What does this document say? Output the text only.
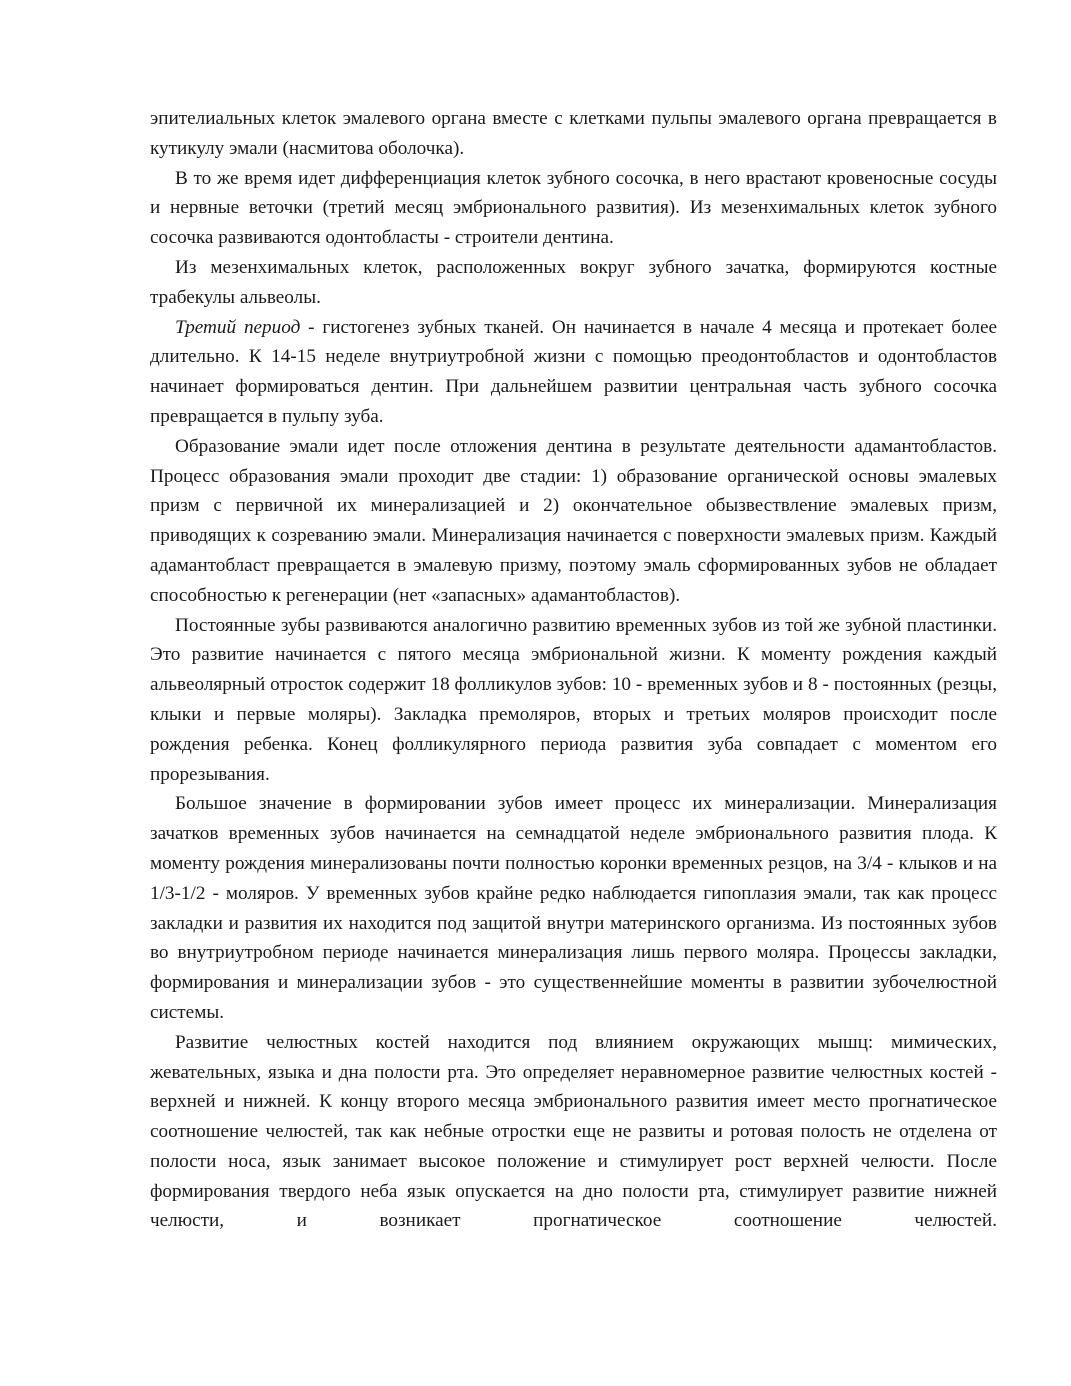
эпителиальных клеток эмалевого органа вместе с клетками пульпы эмалевого органа превращается в кутикулу эмали (насмитова оболочка).

В то же время идет дифференциация клеток зубного сосочка, в него врастают кровеносные сосуды и нервные веточки (третий месяц эмбрионального развития). Из мезенхимальных клеток зубного сосочка развиваются одонтобласты - строители дентина.

Из мезенхимальных клеток, расположенных вокруг зубного зачатка, формируются костные трабекулы альвеолы.

Третий период - гистогенез зубных тканей. Он начинается в начале 4 месяца и протекает более длительно. К 14-15 неделе внутриутробной жизни с помощью преодонтобластов и одонтобластов начинает формироваться дентин. При дальнейшем развитии центральная часть зубного сосочка превращается в пульпу зуба.

Образование эмали идет после отложения дентина в результате деятельности адамантобластов. Процесс образования эмали проходит две стадии: 1) образование органической основы эмалевых призм с первичной их минерализацией и 2) окончательное обызвествление эмалевых призм, приводящих к созреванию эмали. Минерализация начинается с поверхности эмалевых призм. Каждый адамантобласт превращается в эмалевую призму, поэтому эмаль сформированных зубов не обладает способностью к регенерации (нет «запасных» адамантобластов).

Постоянные зубы развиваются аналогично развитию временных зубов из той же зубной пластинки. Это развитие начинается с пятого месяца эмбриональной жизни. К моменту рождения каждый альвеолярный отросток содержит 18 фолликулов зубов: 10 - временных зубов и 8 - постоянных (резцы, клыки и первые моляры). Закладка премоляров, вторых и третьих моляров происходит после рождения ребенка. Конец фолликулярного периода развития зуба совпадает с моментом его прорезывания.

Большое значение в формировании зубов имеет процесс их минерализации. Минерализация зачатков временных зубов начинается на семнадцатой неделе эмбрионального развития плода. К моменту рождения минерализованы почти полностью коронки временных резцов, на 3/4 - клыков и на 1/3-1/2 - моляров. У временных зубов крайне редко наблюдается гипоплазия эмали, так как процесс закладки и развития их находится под защитой внутри материнского организма. Из постоянных зубов во внутриутробном периоде начинается минерализация лишь первого моляра. Процессы закладки, формирования и минерализации зубов - это существеннейшие моменты в развитии зубочелюстной системы.

Развитие челюстных костей находится под влиянием окружающих мышц: мимических, жевательных, языка и дна полости рта. Это определяет неравномерное развитие челюстных костей - верхней и нижней. К концу второго месяца эмбрионального развития имеет место прогнатическое соотношение челюстей, так как небные отростки еще не развиты и ротовая полость не отделена от полости носа, язык занимает высокое положение и стимулирует рост верхней челюсти. После формирования твердого неба язык опускается на дно полости рта, стимулирует развитие нижней челюсти, и возникает прогнатическое соотношение челюстей.
